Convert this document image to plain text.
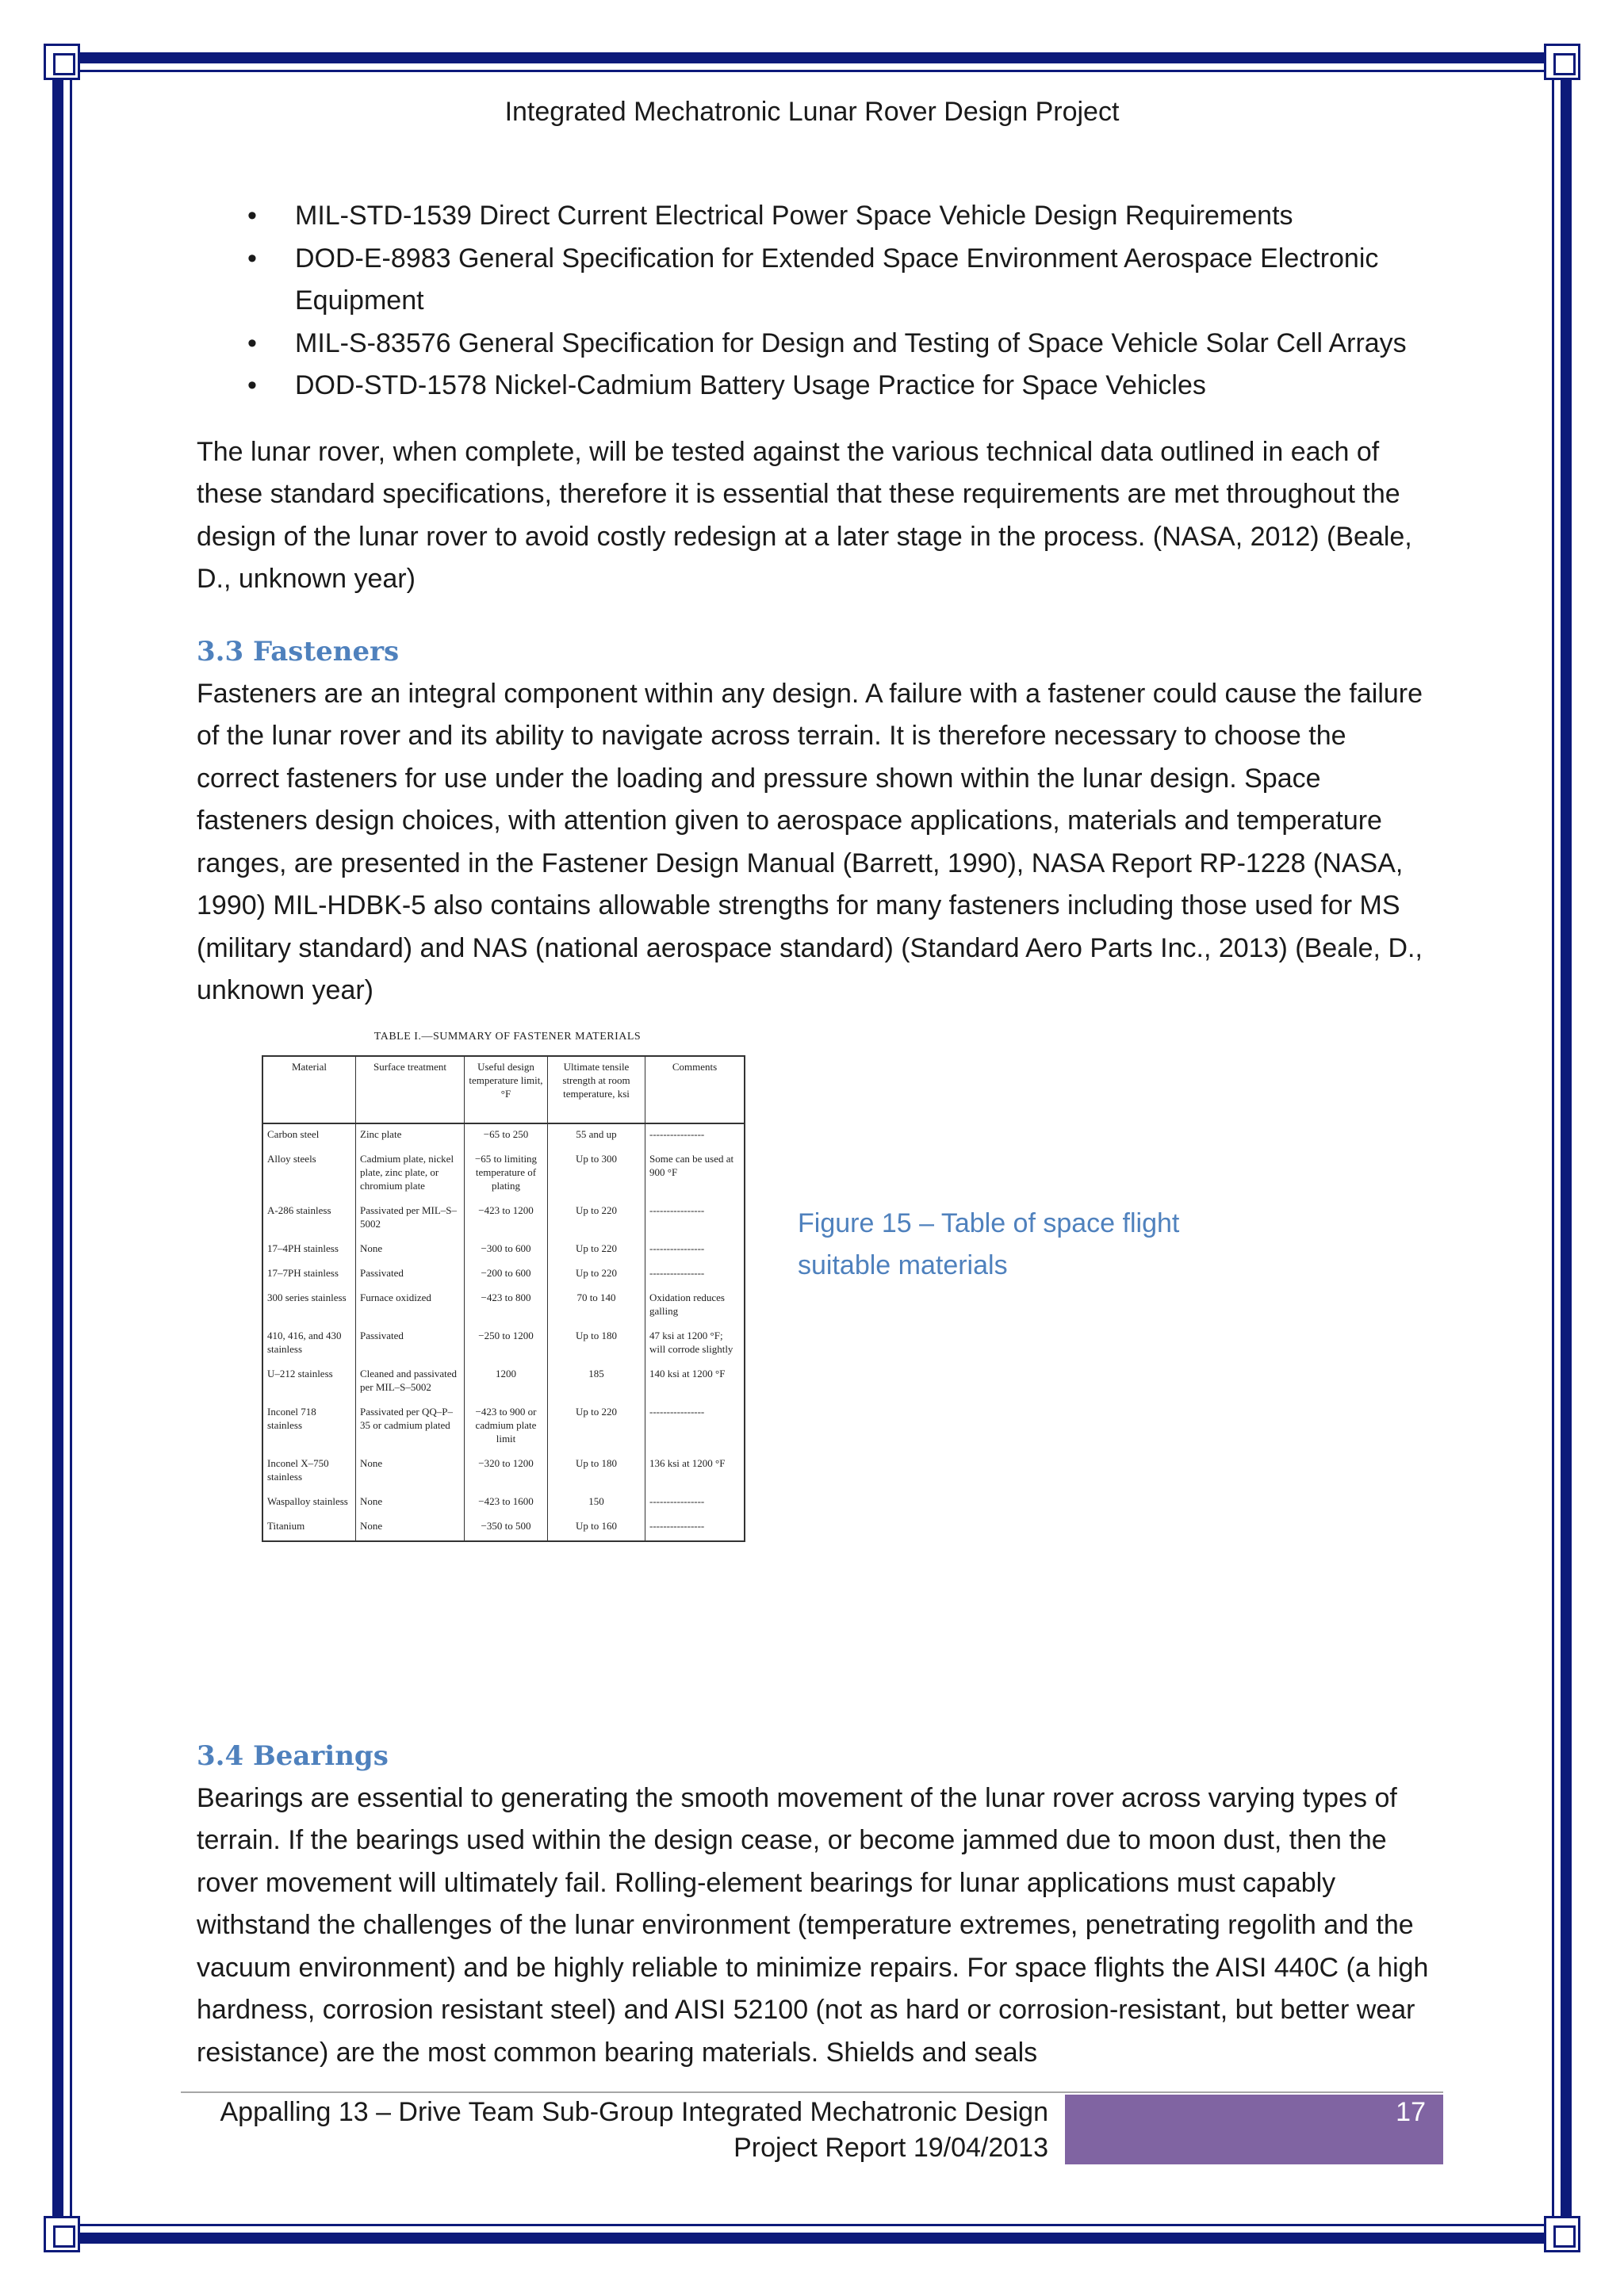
Integrated Mechatronic Lunar Rover Design Project
• MIL-STD-1539 Direct Current Electrical Power Space Vehicle Design Requirements
• DOD-E-8983 General Specification for Extended Space Environment Aerospace Electronic Equipment
• MIL-S-83576 General Specification for Design and Testing of Space Vehicle Solar Cell Arrays
• DOD-STD-1578 Nickel-Cadmium Battery Usage Practice for Space Vehicles

The lunar rover, when complete, will be tested against the various technical data outlined in each of these standard specifications, therefore it is essential that these requirements are met throughout the design of the lunar rover to avoid costly redesign at a later stage in the process. (NASA, 2012) (Beale, D., unknown year)

3.3 Fasteners

Fasteners are an integral component within any design. A failure with a fastener could cause the failure of the lunar rover and its ability to navigate across terrain. It is therefore necessary to choose the correct fasteners for use under the loading and pressure shown within the lunar design. Space fasteners design choices, with attention given to aerospace applications, materials and temperature ranges, are presented in the Fastener Design Manual (Barrett, 1990), NASA Report RP-1228 (NASA, 1990) MIL-HDBK-5 also contains allowable strengths for many fasteners including those used for MS (military standard) and NAS (national aerospace standard) (Standard Aero Parts Inc., 2013) (Beale, D., unknown year)

TABLE I.—SUMMARY OF FASTENER MATERIALS
Material	Surface treatment	Useful design temperature limit, °F	Ultimate tensile strength at room temperature, ksi	Comments
Carbon steel	Zinc plate	−65 to 250	55 and up	----------------
Alloy steels	Cadmium plate, nickel plate, zinc plate, or chromium plate	−65 to limiting temperature of plating	Up to 300	Some can be used at 900 °F
A-286 stainless	Passivated per MIL–S–5002	−423 to 1200	Up to 220	----------------
17–4PH stainless	None	−300 to 600	Up to 220	----------------
17–7PH stainless	Passivated	−200 to 600	Up to 220	----------------
300 series stainless	Furnace oxidized	−423 to 800	70 to 140	Oxidation reduces galling
410, 416, and 430 stainless	Passivated	−250 to 1200	Up to 180	47 ksi at 1200 °F; will corrode slightly
U–212 stainless	Cleaned and passivated per MIL–S–5002	1200	185	140 ksi at 1200 °F
Inconel 718 stainless	Passivated per QQ–P–35 or cadmium plated	−423 to 900 or cadmium plate limit	Up to 220	----------------
Inconel X–750 stainless	None	−320 to 1200	Up to 180	136 ksi at 1200 °F
Waspalloy stainless	None	−423 to 1600	150	----------------
Titanium	None	−350 to 500	Up to 160	----------------
Figure 15 – Table of space flight suitable materials
3.4 Bearings

Bearings are essential to generating the smooth movement of the lunar rover across varying types of terrain. If the bearings used within the design cease, or become jammed due to moon dust, then the rover movement will ultimately fail. Rolling-element bearings for lunar applications must capably withstand the challenges of the lunar environment (temperature extremes, penetrating regolith and the vacuum environment) and be highly reliable to minimize repairs. For space flights the AISI 440C (a high hardness, corrosion resistant steel) and AISI 52100 (not as hard or corrosion-resistant, but better wear resistance) are the most common bearing materials. Shields and seals

Appalling 13 – Drive Team Sub-Group Integrated Mechatronic Design
Project Report 19/04/2013
17
